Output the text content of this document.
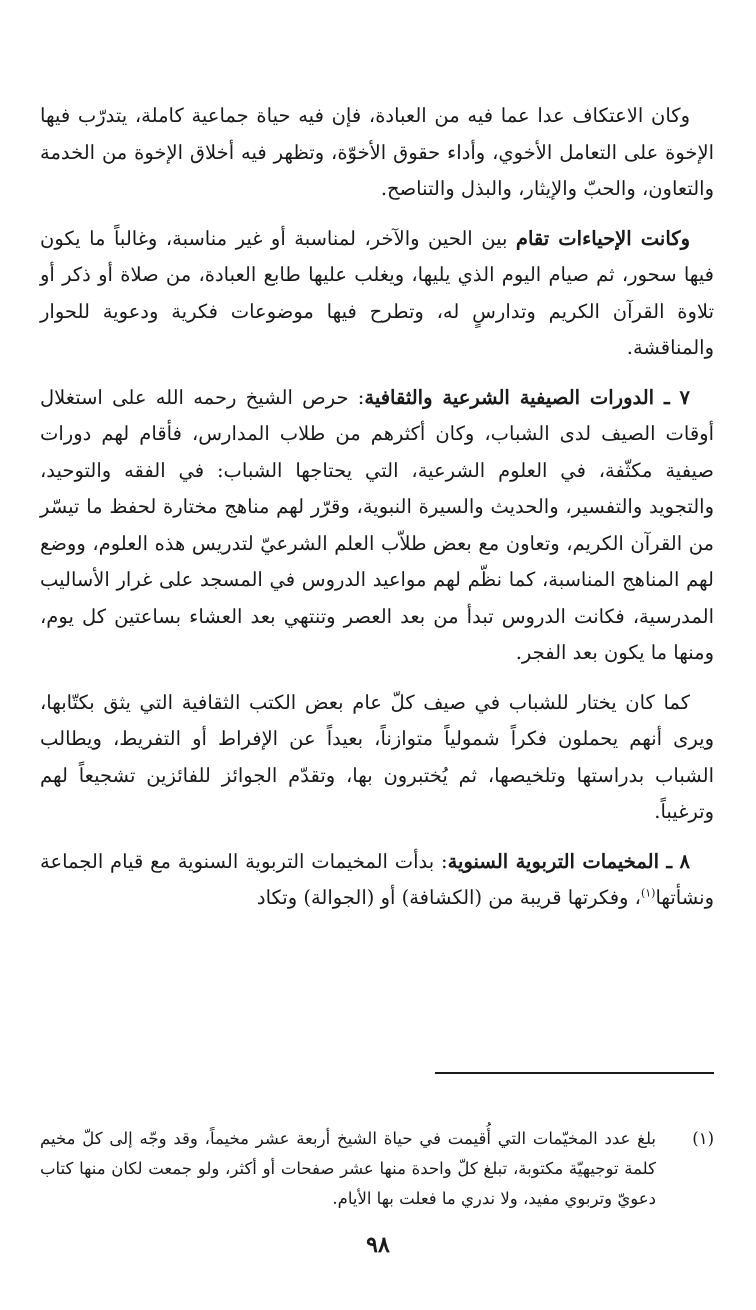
وكان الاعتكاف عدا عما فيه من العبادة، فإن فيه حياة جماعية كاملة، يتدرّب فيها الإخوة على التعامل الأخوي، وأداء حقوق الأخوّة، وتظهر فيه أخلاق الإخوة من الخدمة والتعاون، والحبّ والإيثار، والبذل والتناصح.

وكانت الإحياءات تقام بين الحين والآخر، لمناسبة أو غير مناسبة، وغالباً ما يكون فيها سحور، ثم صيام اليوم الذي يليها، ويغلب عليها طابع العبادة، من صلاة أو ذكر أو تلاوة القرآن الكريم وتدارسٍ له، وتطرح فيها موضوعات فكرية ودعوية للحوار والمناقشة.

٧ ـ الدورات الصيفية الشرعية والثقافية: حرص الشيخ رحمه الله على استغلال أوقات الصيف لدى الشباب، وكان أكثرهم من طلاب المدارس، فأقام لهم دورات صيفية مكثّفة، في العلوم الشرعية، التي يحتاجها الشباب: في الفقه والتوحيد، والتجويد والتفسير، والحديث والسيرة النبوية، وقرّر لهم مناهج مختارة لحفظ ما تيسّر من القرآن الكريم، وتعاون مع بعض طلاّب العلم الشرعيّ لتدريس هذه العلوم، ووضع لهم المناهج المناسبة، كما نظّم لهم مواعيد الدروس في المسجد على غرار الأساليب المدرسية، فكانت الدروس تبدأ من بعد العصر وتنتهي بعد العشاء بساعتين كل يوم، ومنها ما يكون بعد الفجر.

كما كان يختار للشباب في صيف كلّ عام بعض الكتب الثقافية التي يثق بكتّابها، ويرى أنهم يحملون فكراً شمولياً متوازناً، بعيداً عن الإفراط أو التفريط، ويطالب الشباب بدراستها وتلخيصها، ثم يُختبرون بها، وتقدّم الجوائز للفائزين تشجيعاً لهم وترغيباً.

٨ ـ المخيمات التربوية السنوية: بدأت المخيمات التربوية السنوية مع قيام الجماعة ونشأتها$^{(١)}$، وفكرتها قريبة من (الكشافة) أو (الجوالة) وتكاد

(١)
بلغ عدد المخيّمات التي أُقيمت في حياة الشيخ أربعة عشر مخيماً، وقد وجّه إلى كلّ مخيم كلمة توجيهيّة مكتوبة، تبلغ كلّ واحدة منها عشر صفحات أو أكثر، ولو جمعت لكان منها كتاب دعويّ وتربوي مفيد، ولا ندري ما فعلت بها الأيام.
٩٨
